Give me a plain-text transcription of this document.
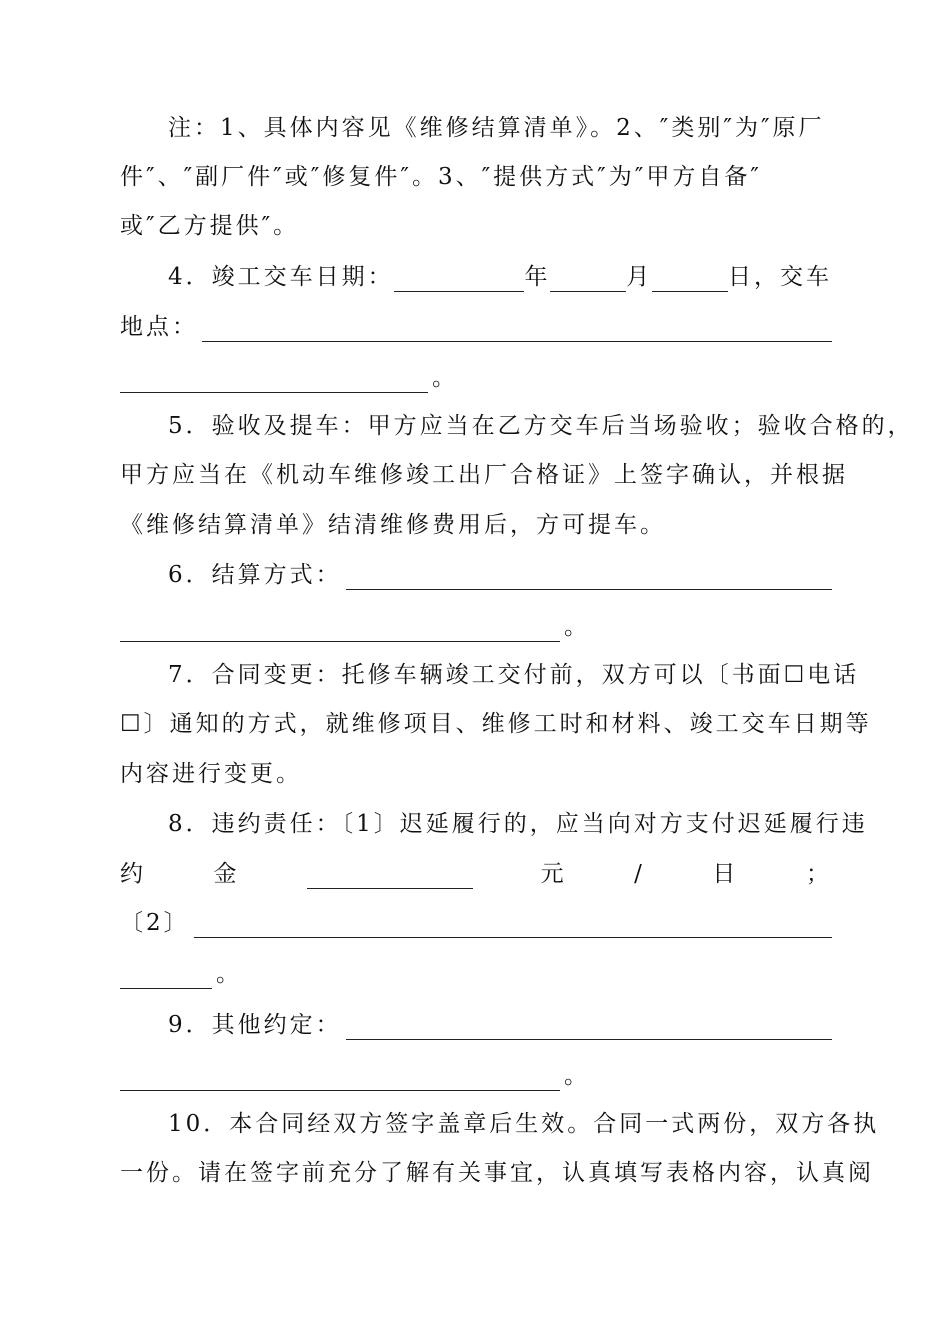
注：1、具体内容见《维修结算清单》。2、″类别″为″原厂
件″、″副厂件″或″修复件″。3、″提供方式″为″甲方自备″
或″乙方提供″。
4．竣工交车日期：	年	月	日，交车
地点：
。
5．验收及提车：甲方应当在乙方交车后当场验收；验收合格的，
甲方应当在《机动车维修竣工出厂合格证》上签字确认，并根据
《维修结算清单》结清维修费用后，方可提车。
6．结算方式：
。
7．合同变更：托修车辆竣工交付前，双方可以〔书面☐电话
☐〕通知的方式，就维修项目、维修工时和材料、竣工交车日期等
内容进行变更。
8．违约责任：〔1〕迟延履行的，应当向对方支付迟延履行违
约	金	元	/	日	；
〔2〕
。
9．其他约定：
。
10．本合同经双方签字盖章后生效。合同一式两份，双方各执
一份。请在签字前充分了解有关事宜，认真填写表格内容，认真阅
